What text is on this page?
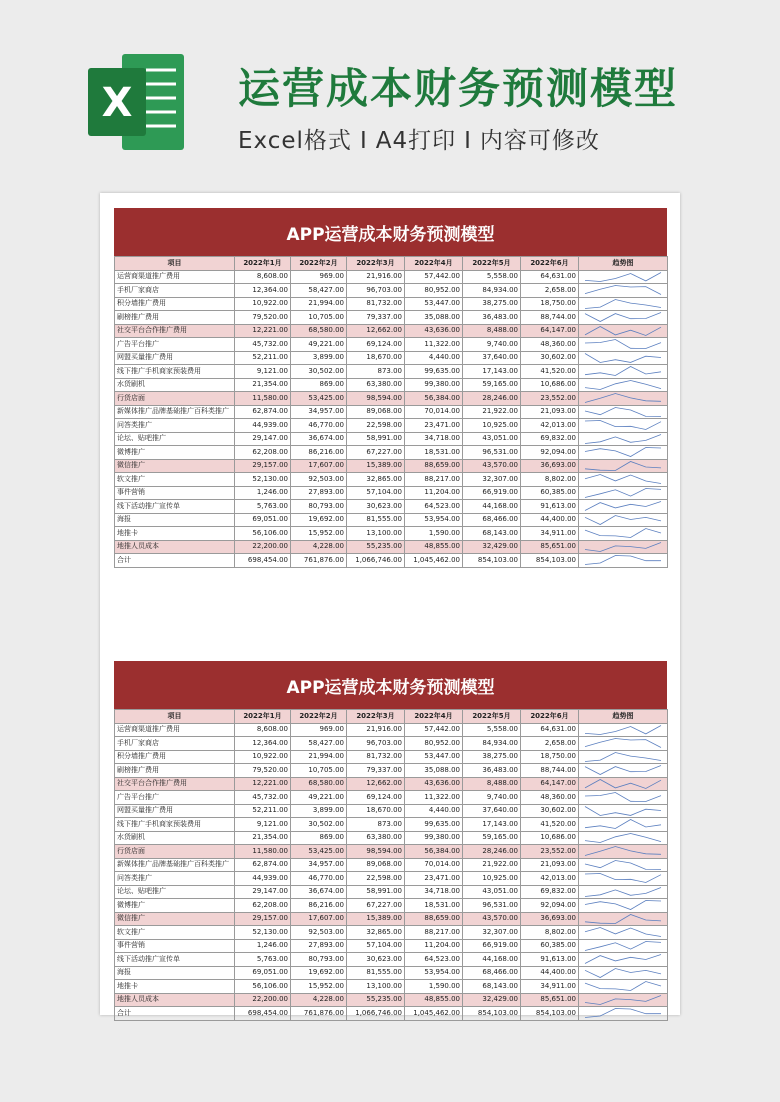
X	运营成本财务预测模型
Excel格式 I A4打印 I 内容可修改
APP运营成本财务预测模型
项目	2022年1月	2022年2月	2022年3月	2022年4月	2022年5月	2022年6月	趋势图
运营商渠道推广费用	8,608.00	969.00	21,916.00	57,442.00	5,558.00	64,631.00	

手机厂家商店	12,364.00	58,427.00	96,703.00	80,952.00	84,934.00	2,658.00	

积分墙推广费用	10,922.00	21,994.00	81,732.00	53,447.00	38,275.00	18,750.00	

刷榜推广费用	79,520.00	10,705.00	79,337.00	35,088.00	36,483.00	88,744.00	

社交平台合作推广费用	12,221.00	68,580.00	12,662.00	43,636.00	8,488.00	64,147.00	

广告平台推广	45,732.00	49,221.00	69,124.00	11,322.00	9,740.00	48,360.00	

网盟买量推广费用	52,211.00	3,899.00	18,670.00	4,440.00	37,640.00	30,602.00	

线下推广手机商家预装费用	9,121.00	30,502.00	873.00	99,635.00	17,143.00	41,520.00	

水货刷机	21,354.00	869.00	63,380.00	99,380.00	59,165.00	10,686.00	

行货店面	11,580.00	53,425.00	98,594.00	56,384.00	28,246.00	23,552.00	

新媒体推广品牌基础推广百科类推广	62,874.00	34,957.00	89,068.00	70,014.00	21,922.00	21,093.00	

问答类推广	44,939.00	46,770.00	22,598.00	23,471.00	10,925.00	42,013.00	

论坛、贴吧推广	29,147.00	36,674.00	58,991.00	34,718.00	43,051.00	69,832.00	

微博推广	62,208.00	86,216.00	67,227.00	18,531.00	96,531.00	92,094.00	

微信推广	29,157.00	17,607.00	15,389.00	88,659.00	43,570.00	36,693.00	

软文推广	52,130.00	92,503.00	32,865.00	88,217.00	32,307.00	8,802.00	

事件营销	1,246.00	27,893.00	57,104.00	11,204.00	66,919.00	60,385.00	

线下活动推广宣传单	5,763.00	80,793.00	30,623.00	64,523.00	44,168.00	91,613.00	

海报	69,051.00	19,692.00	81,555.00	53,954.00	68,466.00	44,400.00	

地推卡	56,106.00	15,952.00	13,100.00	1,590.00	68,143.00	34,911.00	

地推人员成本	22,200.00	4,228.00	55,235.00	48,855.00	32,429.00	85,651.00	

合计	698,454.00	761,876.00	1,066,746.00	1,045,462.00	854,103.00	854,103.00	
APP运营成本财务预测模型
项目	2022年1月	2022年2月	2022年3月	2022年4月	2022年5月	2022年6月	趋势图
运营商渠道推广费用	8,608.00	969.00	21,916.00	57,442.00	5,558.00	64,631.00	

手机厂家商店	12,364.00	58,427.00	96,703.00	80,952.00	84,934.00	2,658.00	

积分墙推广费用	10,922.00	21,994.00	81,732.00	53,447.00	38,275.00	18,750.00	

刷榜推广费用	79,520.00	10,705.00	79,337.00	35,088.00	36,483.00	88,744.00	

社交平台合作推广费用	12,221.00	68,580.00	12,662.00	43,636.00	8,488.00	64,147.00	

广告平台推广	45,732.00	49,221.00	69,124.00	11,322.00	9,740.00	48,360.00	

网盟买量推广费用	52,211.00	3,899.00	18,670.00	4,440.00	37,640.00	30,602.00	

线下推广手机商家预装费用	9,121.00	30,502.00	873.00	99,635.00	17,143.00	41,520.00	

水货刷机	21,354.00	869.00	63,380.00	99,380.00	59,165.00	10,686.00	

行货店面	11,580.00	53,425.00	98,594.00	56,384.00	28,246.00	23,552.00	

新媒体推广品牌基础推广百科类推广	62,874.00	34,957.00	89,068.00	70,014.00	21,922.00	21,093.00	

问答类推广	44,939.00	46,770.00	22,598.00	23,471.00	10,925.00	42,013.00	

论坛、贴吧推广	29,147.00	36,674.00	58,991.00	34,718.00	43,051.00	69,832.00	

微博推广	62,208.00	86,216.00	67,227.00	18,531.00	96,531.00	92,094.00	

微信推广	29,157.00	17,607.00	15,389.00	88,659.00	43,570.00	36,693.00	

软文推广	52,130.00	92,503.00	32,865.00	88,217.00	32,307.00	8,802.00	

事件营销	1,246.00	27,893.00	57,104.00	11,204.00	66,919.00	60,385.00	

线下活动推广宣传单	5,763.00	80,793.00	30,623.00	64,523.00	44,168.00	91,613.00	

海报	69,051.00	19,692.00	81,555.00	53,954.00	68,466.00	44,400.00	

地推卡	56,106.00	15,952.00	13,100.00	1,590.00	68,143.00	34,911.00	

地推人员成本	22,200.00	4,228.00	55,235.00	48,855.00	32,429.00	85,651.00	

合计	698,454.00	761,876.00	1,066,746.00	1,045,462.00	854,103.00	854,103.00	
